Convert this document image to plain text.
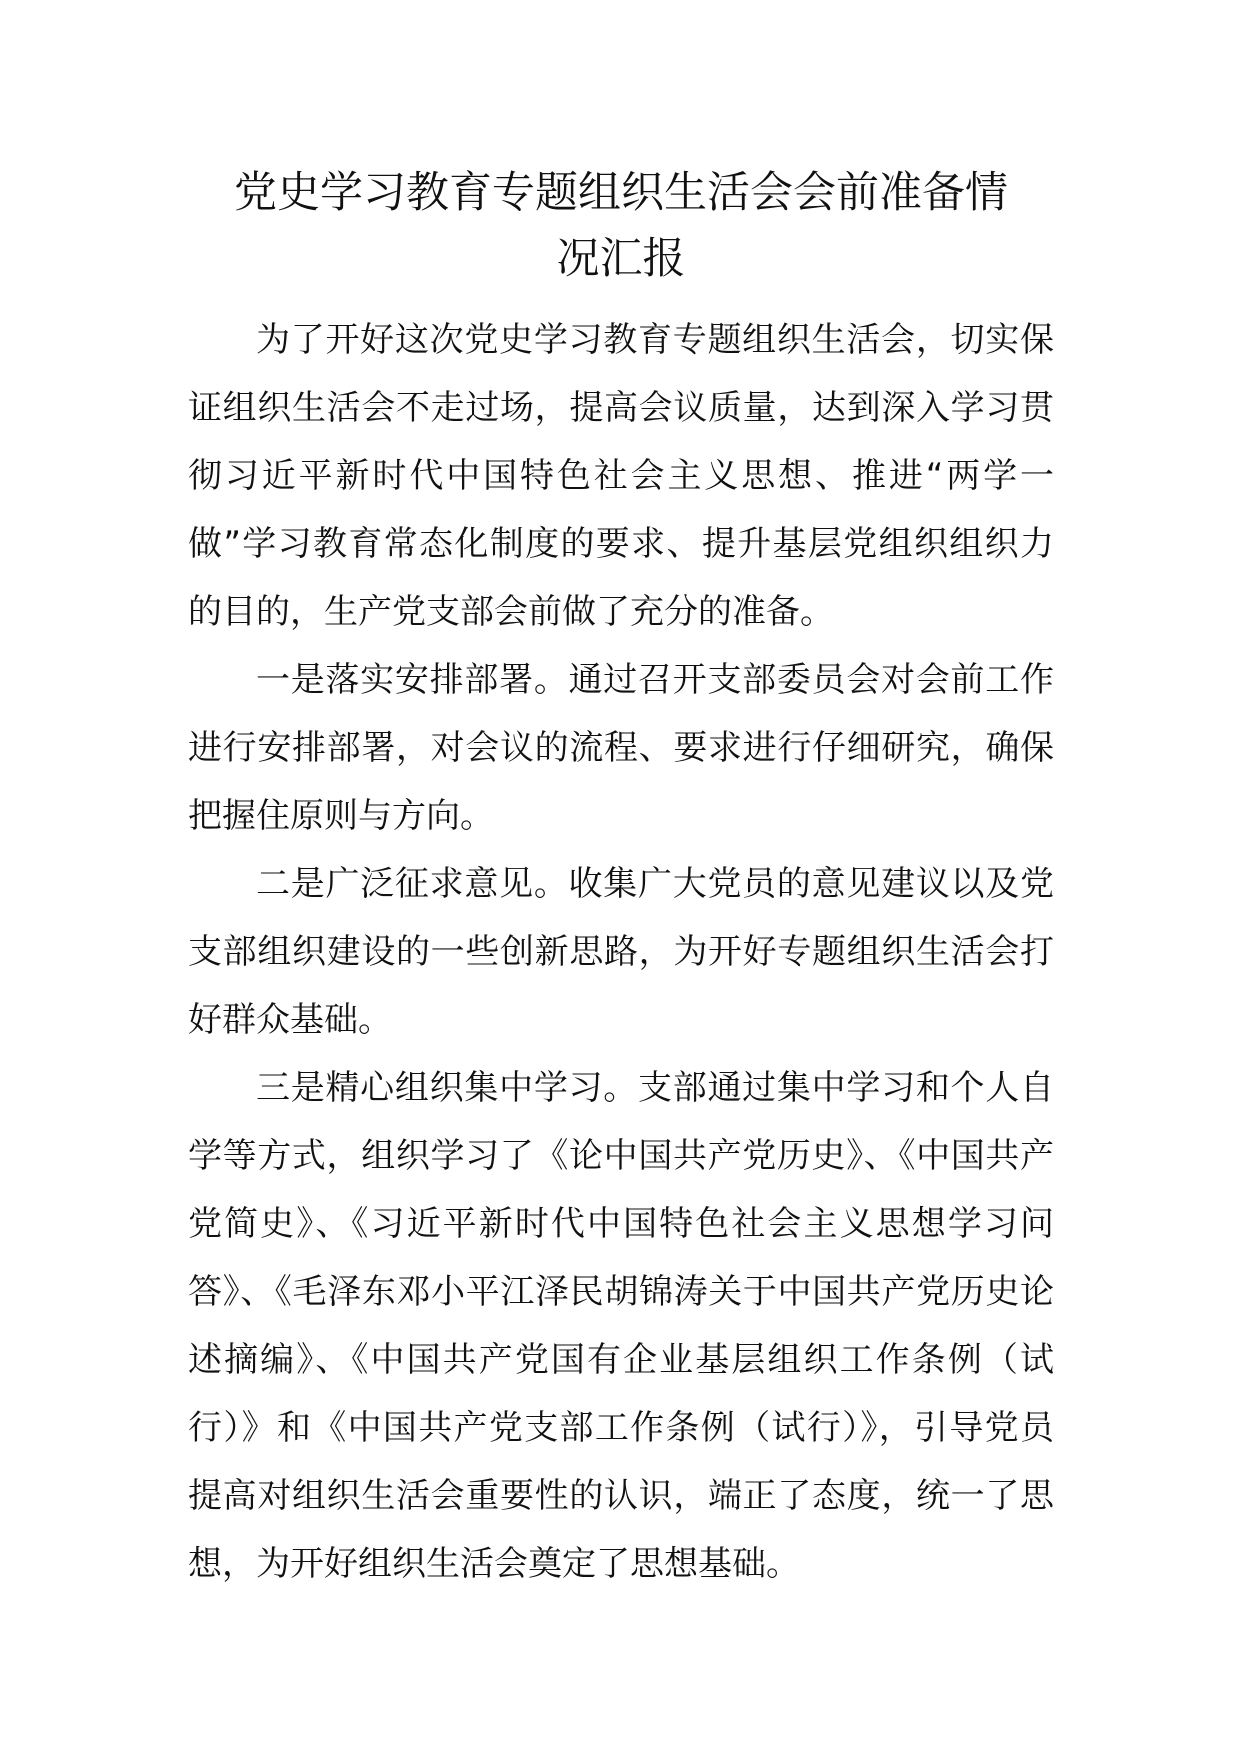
党史学习教育专题组织生活会会前准备情
况汇报

为了开好这次党史学习教育专题组织生活会，切实保证组织生活会不走过场，提高会议质量，达到深入学习贯彻习近平新时代中国特色社会主义思想、推进“两学一做”学习教育常态化制度的要求、提升基层党组织组织力的目的，生产党支部会前做了充分的准备。

一是落实安排部署。通过召开支部委员会对会前工作进行安排部署，对会议的流程、要求进行仔细研究，确保把握住原则与方向。

二是广泛征求意见。收集广大党员的意见建议以及党支部组织建设的一些创新思路，为开好专题组织生活会打好群众基础。

三是精心组织集中学习。支部通过集中学习和个人自学等方式，组织学习了《论中国共产党历史》、《中国共产党简史》、《习近平新时代中国特色社会主义思想学习问答》、《毛泽东邓小平江泽民胡锦涛关于中国共产党历史论述摘编》、《中国共产党国有企业基层组织工作条例（试行）》和《中国共产党支部工作条例（试行）》，引导党员提高对组织生活会重要性的认识，端正了态度，统一了思想，为开好组织生活会奠定了思想基础。
